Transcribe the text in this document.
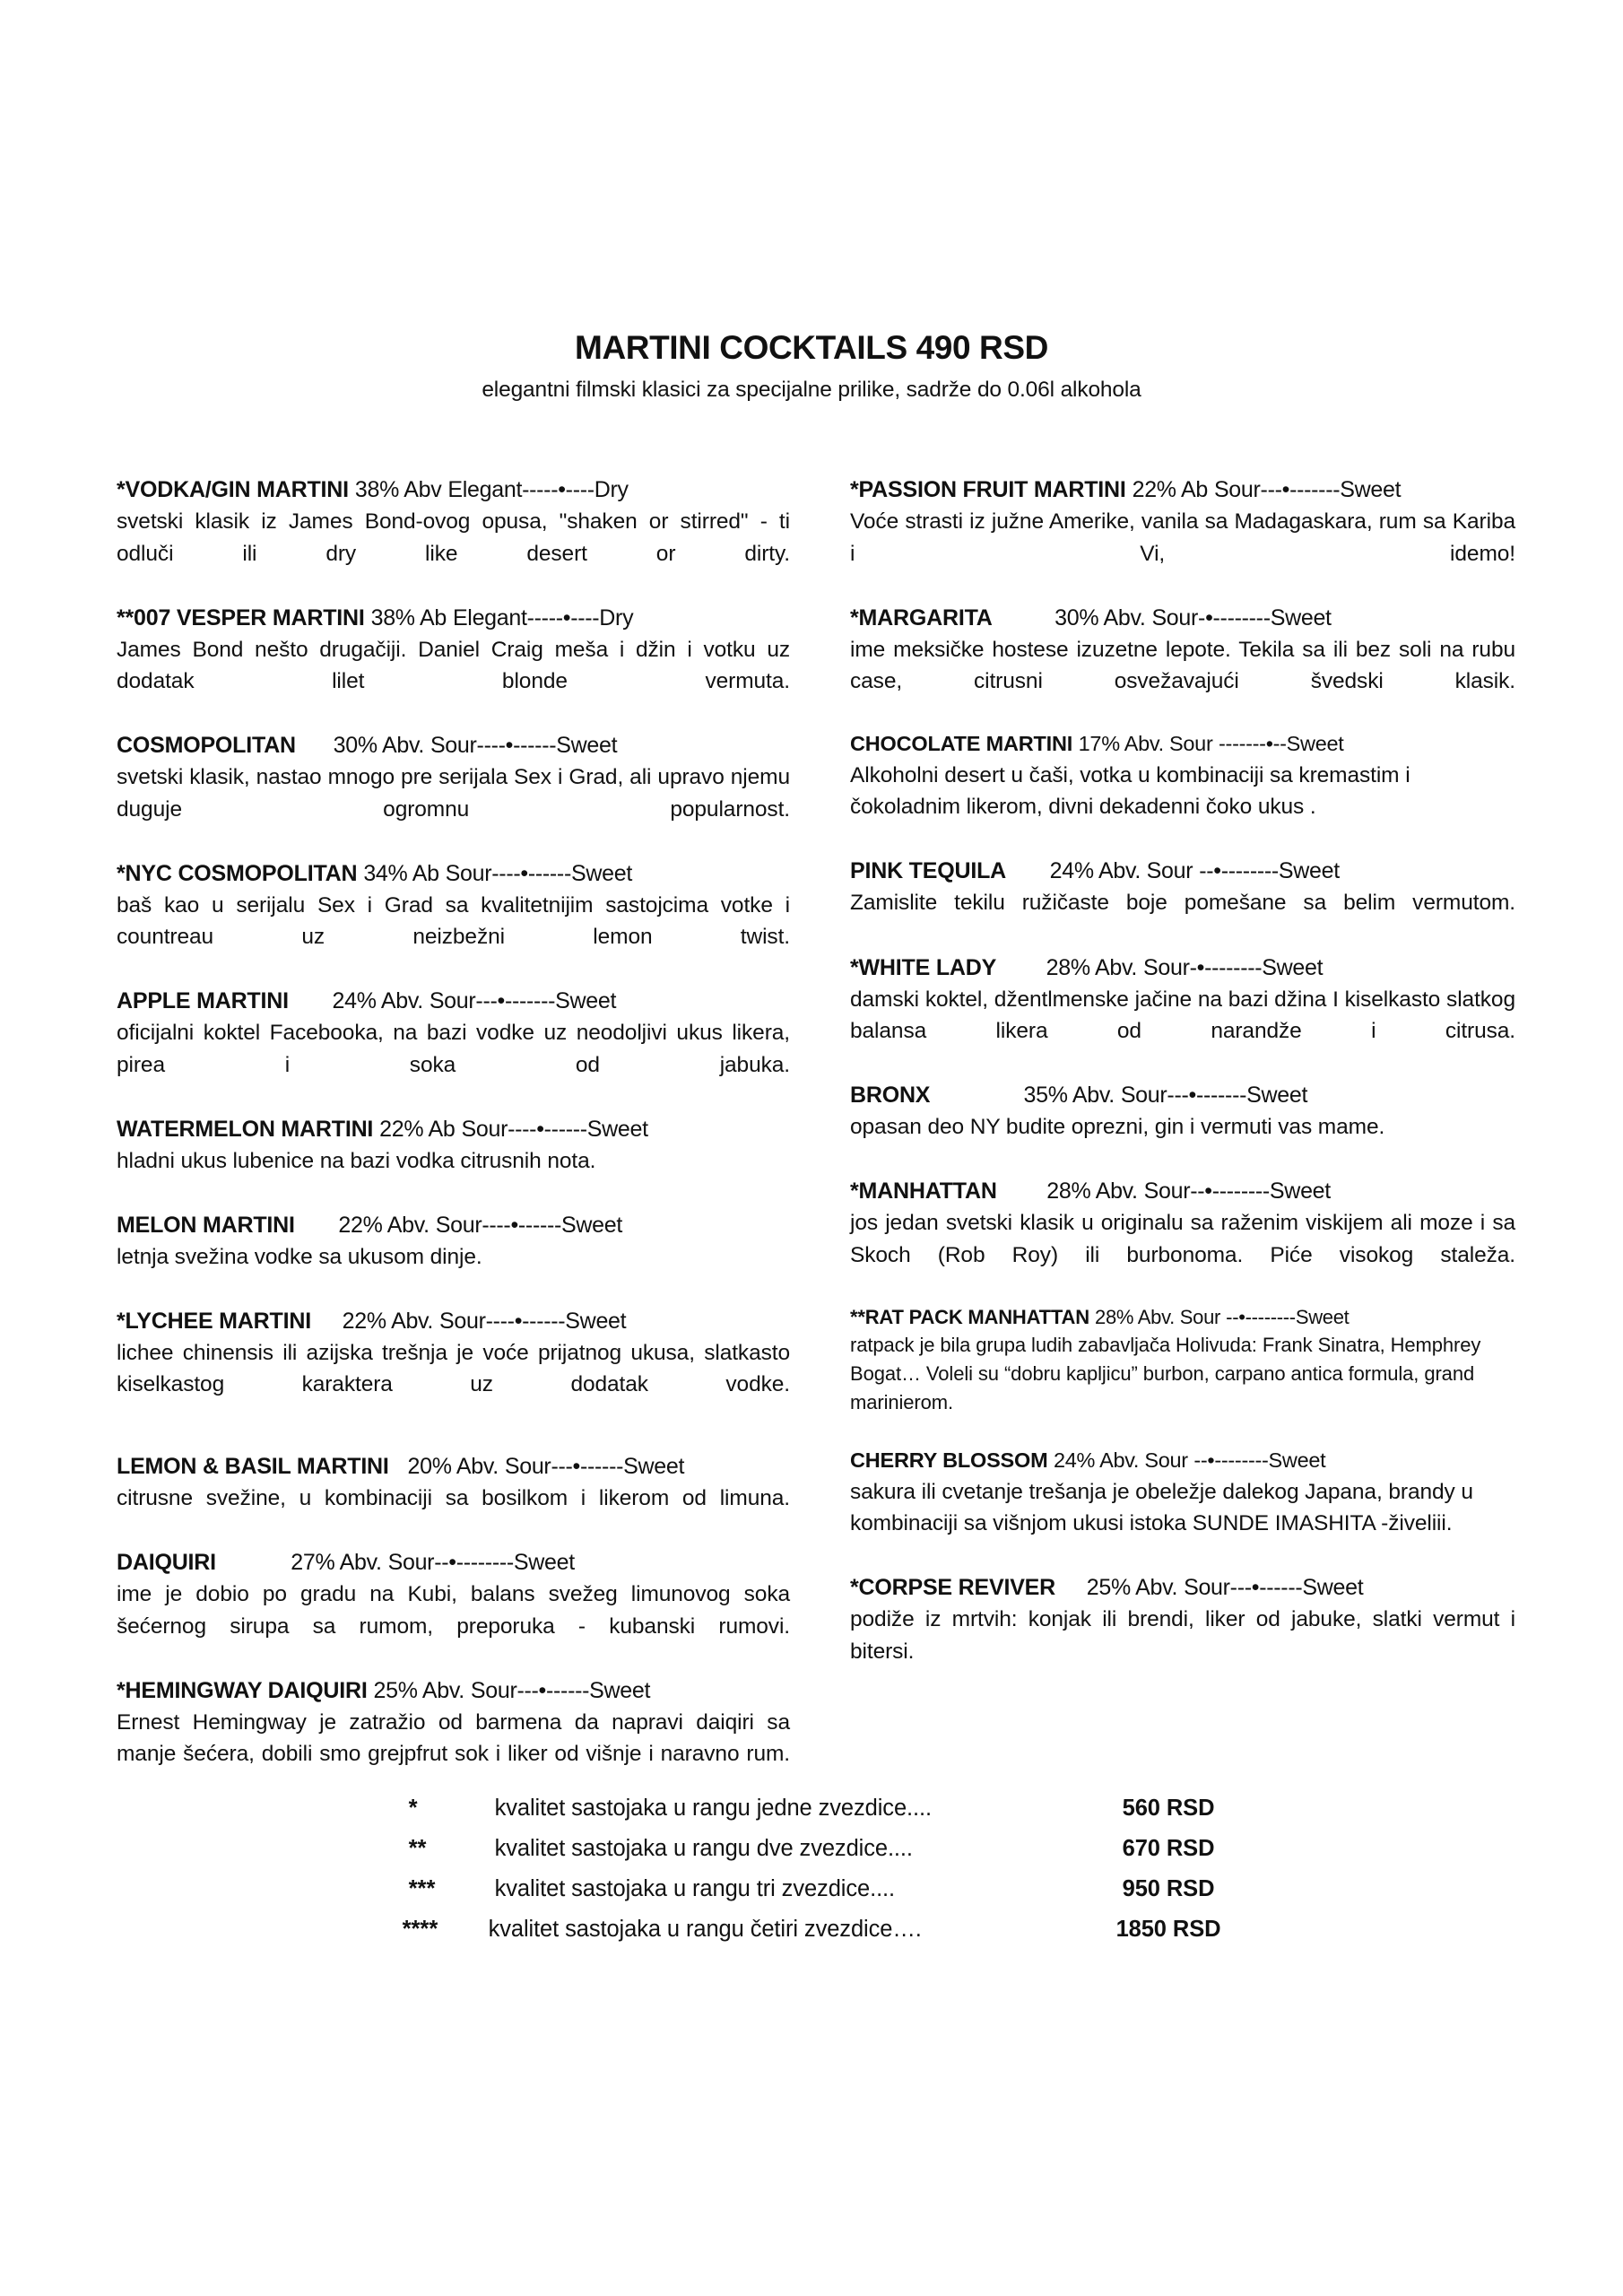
MARTINI COCKTAILS 490 RSD
elegantni filmski klasici za specijalne prilike, sadrže do 0.06l alkohola
*VODKA/GIN MARTINI 38% Abv Elegant-----•----Dry
svetski klasik iz James Bond-ovog opusa, "shaken or stirred" - ti odluči ili dry like desert or dirty.
**007 VESPER MARTINI 38% Ab Elegant-----•----Dry
James Bond nešto drugačiji. Daniel Craig meša i džin i votku uz dodatak lilet blonde vermuta.
COSMOPOLITAN 30% Abv. Sour----•------Sweet
svetski klasik, nastao mnogo pre serijala Sex i Grad, ali upravo njemu duguje ogromnu popularnost.
*NYC COSMOPOLITAN 34% Ab Sour----•------Sweet
baš kao u serijalu Sex i Grad sa kvalitetnijim sastojcima votke i countreau uz neizbežni lemon twist.
APPLE MARTINI 24% Abv. Sour---•-------Sweet
oficijalni koktel Facebooka, na bazi vodke uz neodoljivi ukus likera, pirea i soka od jabuka.
WATERMELON MARTINI 22% Ab Sour----•------Sweet
hladni ukus lubenice na bazi vodka citrusnih nota.
MELON MARTINI 22% Abv. Sour----•------Sweet
letnja svežina vodke sa ukusom dinje.
*LYCHEE MARTINI 22% Abv. Sour----•------Sweet
lichee chinensis ili azijska trešnja je voće prijatnog ukusa, slatkasto kiselkastog karaktera uz dodatak vodke.
LEMON & BASIL MARTINI 20% Abv. Sour---•------Sweet
citrusne svežine, u kombinaciji sa bosilkom i likerom od limuna.
DAIQUIRI	27% Abv. Sour--•--------Sweet
ime je dobio po gradu na Kubi, balans svežeg limunovog soka šećernog sirupa sa rumom, preporuka - kubanski rumovi.
*HEMINGWAY DAIQUIRI 25% Abv. Sour---•------Sweet
Ernest Hemingway je zatražio od barmena da napravi daiqiri sa manje šećera, dobili smo grejpfrut sok i liker od višnje i naravno rum.
*PASSION FRUIT MARTINI 22% Ab Sour---•-------Sweet
Voće strasti iz južne Amerike, vanila sa Madagaskara, rum sa Kariba i Vi, idemo!
*MARGARITA	30% Abv. Sour-•--------Sweet
ime meksičke hostese izuzetne lepote. Tekila sa ili bez soli na rubu case, citrusni osvežavajući švedski klasik.
CHOCOLATE MARTINI 17% Abv. Sour -------•--Sweet
Alkoholni desert u čaši, votka u kombinaciji sa kremastim i čokoladnim likerom, divni dekadenni čoko ukus .
PINK TEQUILA 24% Abv. Sour --•--------Sweet
Zamislite tekilu ružičaste boje pomešane sa belim vermutom.
*WHITE LADY 28% Abv. Sour-•--------Sweet
damski koktel, džentlmenske jačine na bazi džina I kiselkasto slatkog balansa likera od narandže i citrusa.
BRONX	35% Abv. Sour---•-------Sweet
opasan deo NY budite oprezni, gin i vermuti vas mame.
*MANHATTAN 28% Abv. Sour--•--------Sweet
jos jedan svetski klasik u originalu sa raženim viskijem ali moze i sa Skoch (Rob Roy) ili burbonoma. Piće visokog staleža.
**RAT PACK MANHATTAN 28% Abv. Sour --•--------Sweet
ratpack je bila grupa ludih zabavljača Holivuda: Frank Sinatra, Hemphrey Bogat… Voleli su “dobru kapljicu” burbon, carpano antica formula, grand marinierom.
CHERRY BLOSSOM 24% Abv. Sour --•--------Sweet
sakura ili cvetanje trešanja je obeležje dalekog Japana, brandy u kombinaciji sa višnjom ukusi istoka SUNDE IMASHITA -živeliii.
*CORPSE REVIVER 25% Abv. Sour---•------Sweet
podiže iz mrtvih: konjak ili brendi, liker od jabuke, slatki vermut i bitersi.
*	kvalitet sastojaka u rangu jedne zvezdice....	560 RSD
**	kvalitet sastojaka u rangu dve zvezdice....	670 RSD
***	kvalitet sastojaka u rangu tri zvezdice....	950 RSD
**** kvalitet sastojaka u rangu četiri zvezdice….	1850 RSD
